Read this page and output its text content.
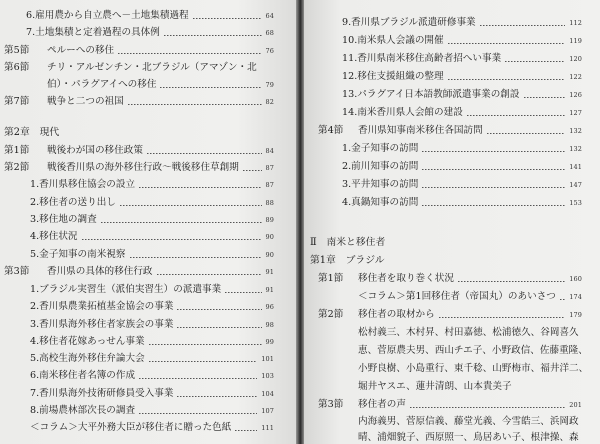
6.雇用農から自立農へ－土地集積過程	64
7.土地集積と定着過程の具体例	68
第5節	ペルーへの移住	76
第6節	チリ・アルゼンチン・北ブラジル（アマゾン・北
伯）・パラグアイへの移住	79
第7節	戦争と二つの祖国	82
第2章　現代
第1節	戦後わが国の移住政策	84
第2節	戦後香川県の海外移住行政～戦後移住草創期	87
1.香川県移住協会の設立	87
2.移住者の送り出し	88
3.移住地の調査	89
4.移住状況	90
5.金子知事の南米視察	90
第3節	香川県の具体的移住行政	91
1.ブラジル実習生（派伯実習生）の派遣事業	91
2.香川県農業拓植基金協会の事業	96
3.香川県海外移住者家族会の事業	98
4.移住者花嫁あっせん事業	99
5.高校生海外移住弁論大会	101
6.南米移住者名簿の作成	103
7.香川県海外技術研修員受入事業	104
8.前場農林部次長の調査	107
＜コラム＞大平外務大臣が移住者に贈った色紙	111
9.香川県ブラジル派遣研修事業	112
10.南米県人会議の開催	119
11.香川県南米移住高齢者招へい事業	120
12.移住支援組織の整理	122
13.パラグアイ日本語教師派遣事業の創設	126
14.南米香川県人会館の建設	127
第4節	香川県知事南米移住各国訪問	132
1.金子知事の訪問	132
2.前川知事の訪問	141
3.平井知事の訪問	147
4.真鍋知事の訪問	153
Ⅱ　南米と移住者
第1章　ブラジル
第1節	移住者を取り巻く状況	160
＜コラム＞第1回移住者（帝国丸）のあいさつ 174
第2節	移住者の取材から	179
松村義三、木村昇、村田嘉徳、松浦徳久、谷岡喜久
恵、菅原農夫男、西山チエ子、小野政信、佐藤重隆、
小野良樹、小島重行、東千稔、山野梅市、福井洋二、
堀井ヤスエ、蓮井清朗、山本貴美子
第3節	移住者の声	201
内海義男、菅原信義、藤堂光義、今雪皓三、浜岡政
晴、浦畑貌子、西原照一、鳥居あい子、根津操、森
